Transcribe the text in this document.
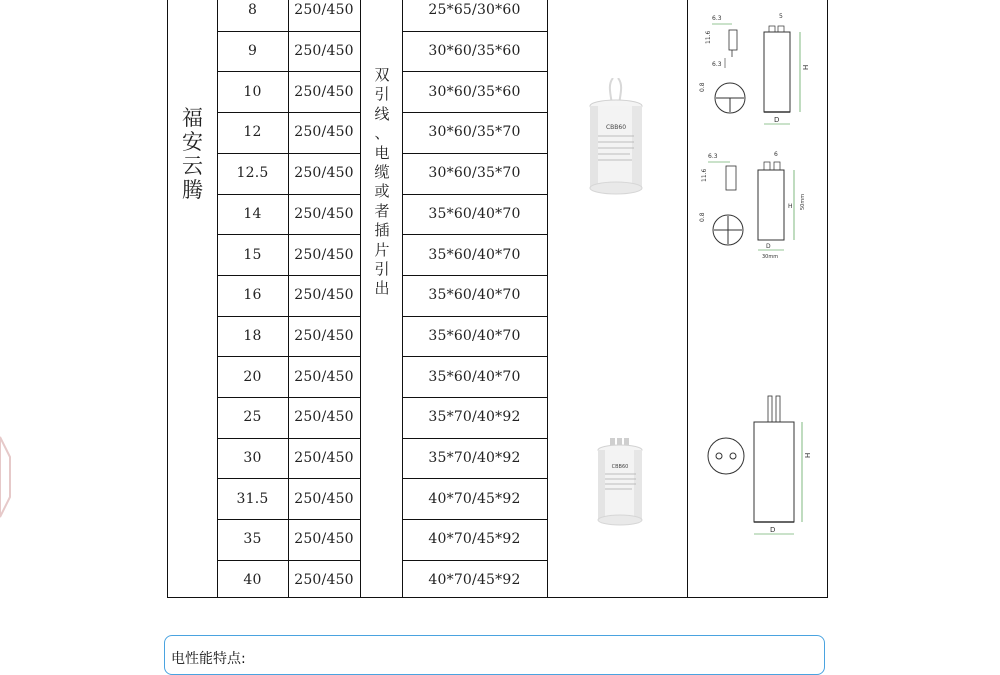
福
安
云
腾
双
引
线
、
电
缆
或
者
插
片
引
出
8	250/450	25*65/30*60
9	250/450	30*60/35*60
10	250/450	30*60/35*60
12	250/450	30*60/35*70
12.5	250/450	30*60/35*70
14	250/450	35*60/40*70
15	250/450	35*60/40*70
16	250/450	35*60/40*70
18	250/450	35*60/40*70
20	250/450	35*60/40*70
25	250/450	35*70/40*92
30	250/450	35*70/40*92
31.5	250/450	40*70/45*92
35	250/450	40*70/45*92
40	250/450	40*70/45*92
CBB60
CBB60
6.3	5
11.6
6.3
0.8
H
D
6.3	6
11.6
0.8
H 50mm
D
30mm
H
D
电性能特点:
